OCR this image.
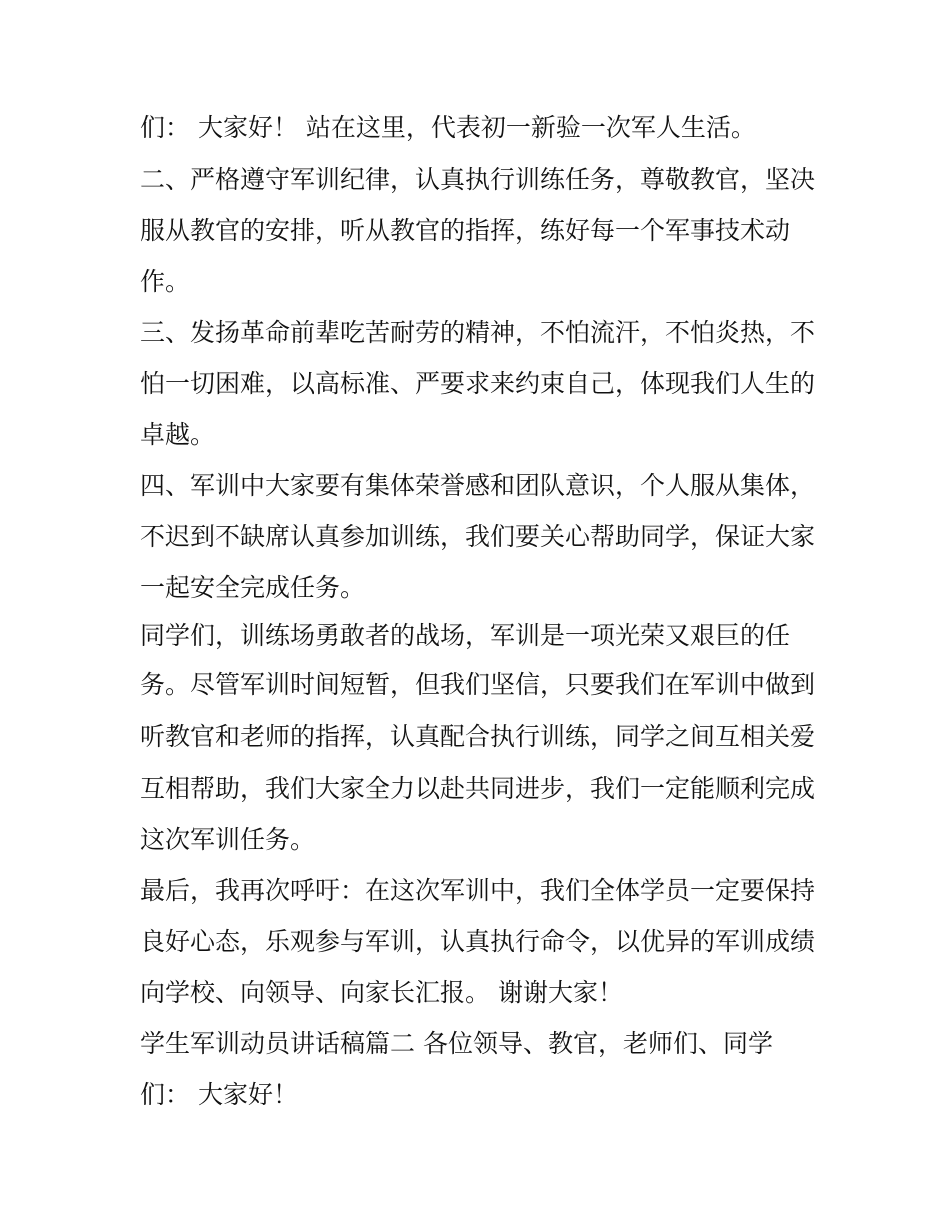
们： 大家好！ 站在这里，代表初一新验一次军人生活。
二、严格遵守军训纪律，认真执行训练任务，尊敬教官，坚决
服从教官的安排，听从教官的指挥，练好每一个军事技术动
作。
三、发扬革命前辈吃苦耐劳的精神，不怕流汗，不怕炎热，不
怕一切困难，以高标准、严要求来约束自己，体现我们人生的
卓越。
四、军训中大家要有集体荣誉感和团队意识，个人服从集体，
不迟到不缺席认真参加训练，我们要关心帮助同学，保证大家
一起安全完成任务。
同学们，训练场勇敢者的战场，军训是一项光荣又艰巨的任
务。尽管军训时间短暂，但我们坚信，只要我们在军训中做到
听教官和老师的指挥，认真配合执行训练，同学之间互相关爱
互相帮助，我们大家全力以赴共同进步，我们一定能顺利完成
这次军训任务。
最后，我再次呼吁：在这次军训中，我们全体学员一定要保持
良好心态，乐观参与军训，认真执行命令，以优异的军训成绩
向学校、向领导、向家长汇报。 谢谢大家！
学生军训动员讲话稿篇二 各位领导、教官，老师们、同学
们： 大家好！
